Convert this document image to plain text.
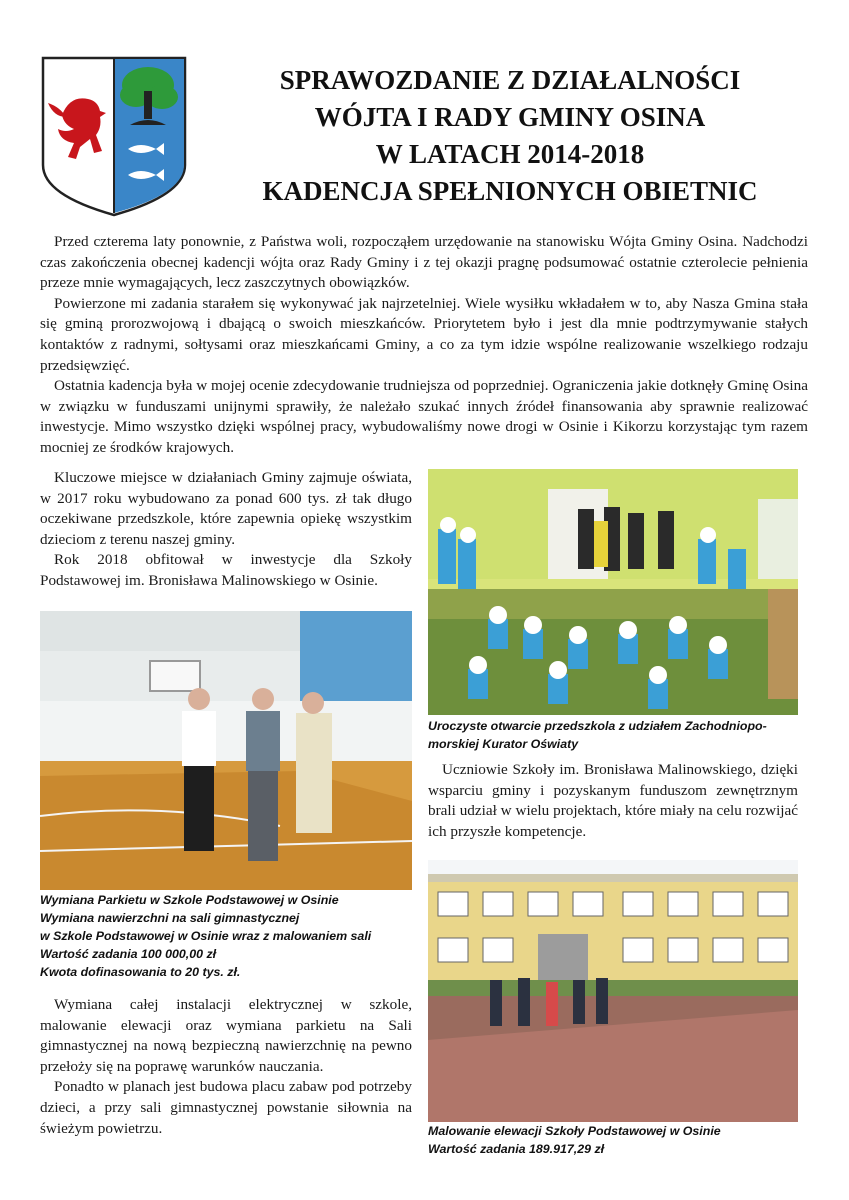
SPRAWOZDANIE Z DZIAŁALNOŚCI
WÓJTA I RADY GMINY OSINA
W LATACH 2014-2018
KADENCJA SPEŁNIONYCH OBIETNIC

Przed czterema laty ponownie, z Państwa woli, rozpocząłem urzędowanie na stanowisku Wójta Gminy Osina. Nadchodzi czas zakończenia obecnej kadencji wójta oraz Rady Gminy i z tej okazji pragnę podsumować ostatnie czterolecie pełnienia przeze mnie wymagających, lecz zaszczytnych obowiązków.

Powierzone mi zadania starałem się wykonywać jak najrzetelniej. Wiele wysiłku wkładałem w to, aby Nasza Gmina stała się gminą prorozwojową i dbającą o swoich mieszkańców. Priorytetem było i jest dla mnie podtrzymywanie stałych kontaktów z radnymi, sołtysami oraz mieszkańcami Gminy, a co za tym idzie wspólne realizowanie wszelkiego rodzaju przedsięwzięć.

Ostatnia kadencja była w mojej ocenie zdecydowanie trudniejsza od poprzedniej. Ograniczenia jakie dotknęły Gminę Osina w związku w funduszami unijnymi sprawiły, że należało szukać innych źródeł finansowania aby sprawnie realizować inwestycje. Mimo wszystko dzięki wspólnej pracy, wybudowaliśmy nowe drogi w Osinie i Kikorzu korzystając tym razem mocniej ze środków krajowych.

Kluczowe miejsce w działaniach Gminy zajmuje oświata, w 2017 roku wybudowano za ponad 600 tys. zł tak długo oczekiwane przedszkole, które zapewnia opiekę wszystkim dzieciom z terenu naszej gminy.

Rok 2018 obfitował w inwestycje dla Szkoły Podstawowej im. Bronisława Malinowskiego w Osinie.

Uroczyste otwarcie przedszkola z udziałem Zachodniopo-
morskiej Kurator Oświaty

Uczniowie Szkoły im. Bronisława Malinowskiego, dzięki wsparciu gminy i pozyskanym funduszom zewnętrznym brali udział w wielu projektach, które miały na celu rozwijać ich przyszłe kompetencje.

Wymiana Parkietu w Szkole Podstawowej w Osinie
Wymiana nawierzchni na sali gimnastycznej
w Szkole Podstawowej w Osinie wraz z malowaniem sali
Wartość zadania 100 000,00 zł
Kwota dofinasowania to 20 tys. zł.
Malowanie elewacji Szkoły Podstawowej w Osinie
Wartość zadania 189.917,29 zł

Wymiana całej instalacji elektrycznej w szkole, malowanie elewacji oraz wymiana parkietu na Sali gimnastycznej na nową bezpieczną nawierzchnię na pewno przełoży się na poprawę warunków nauczania.

Ponadto w planach jest budowa placu zabaw pod potrzeby dzieci, a przy sali gimnastycznej powstanie siłownia na świeżym powietrzu.
